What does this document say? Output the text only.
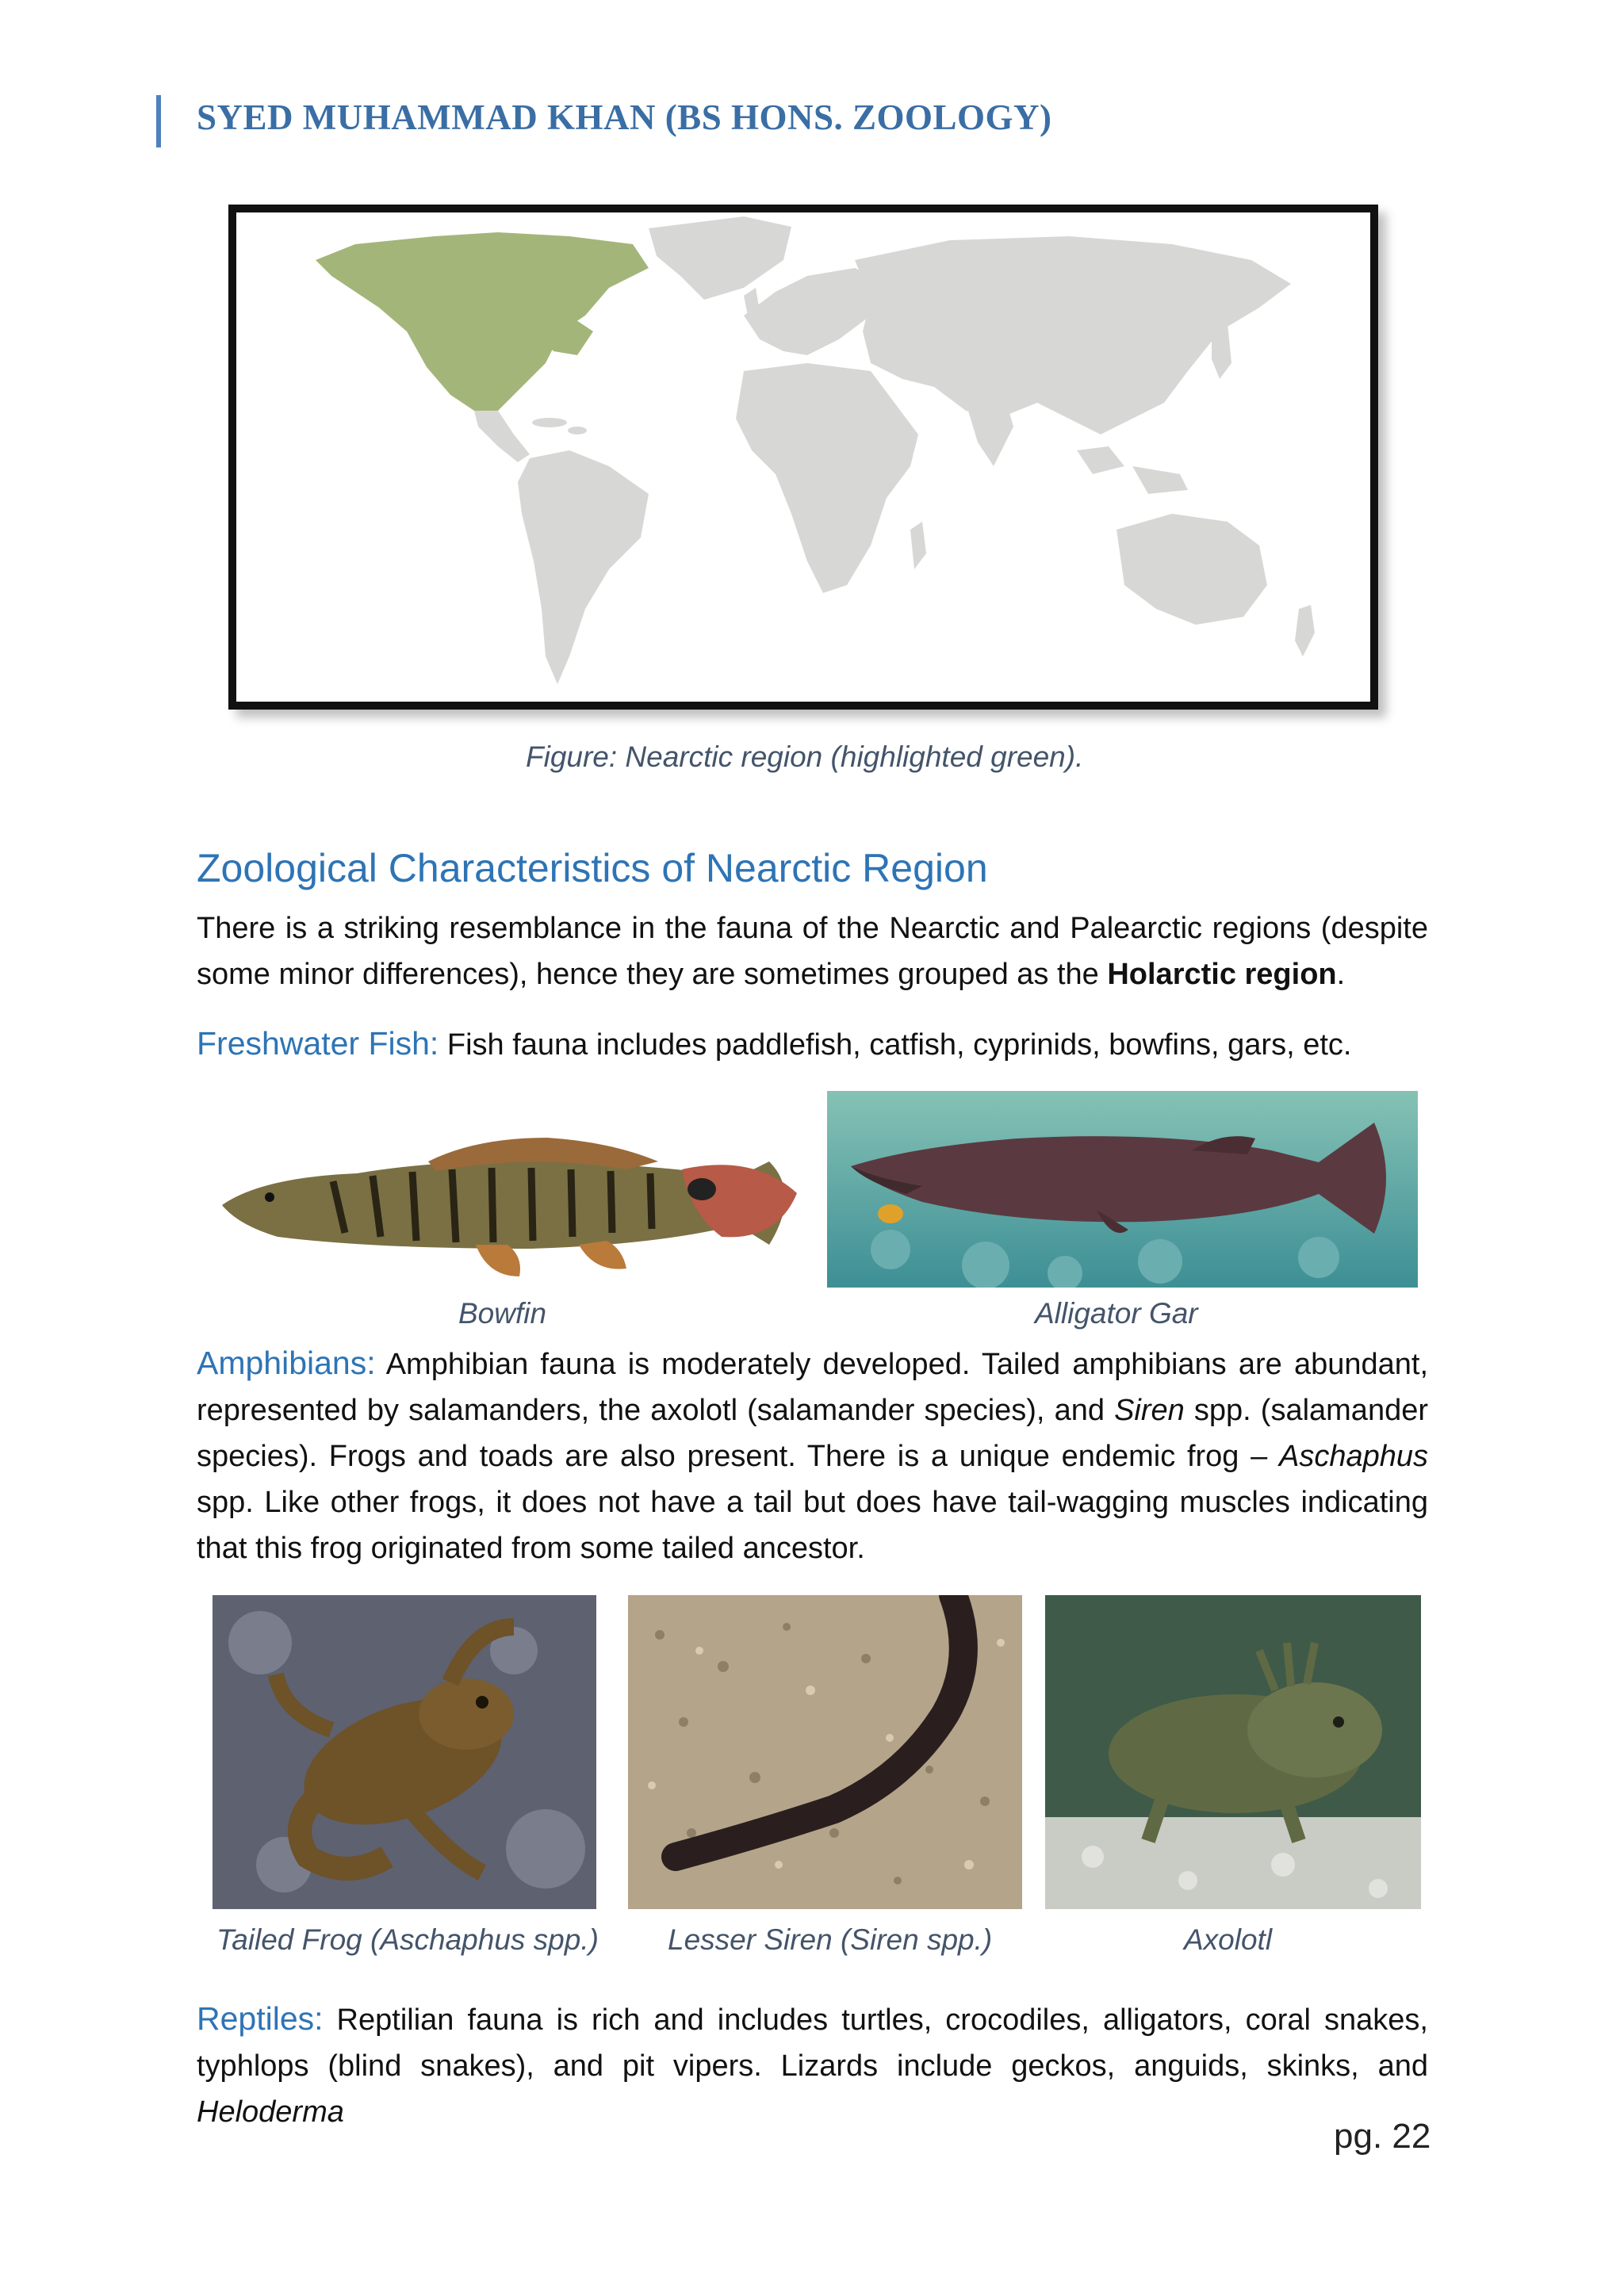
SYED MUHAMMAD KHAN (BS HONS. ZOOLOGY)
Figure: Nearctic region (highlighted green).
Zoological Characteristics of Nearctic Region
There is a striking resemblance in the fauna of the Nearctic and Palearctic regions (despite some minor differences), hence they are sometimes grouped as the Holarctic region.
Freshwater Fish: Fish fauna includes paddlefish, catfish, cyprinids, bowfins, gars, etc.
Bowfin	Alligator Gar
Amphibians: Amphibian fauna is moderately developed. Tailed amphibians are abundant, represented by salamanders, the axolotl (salamander species), and Siren spp. (salamander species). Frogs and toads are also present. There is a unique endemic frog – Aschaphus spp. Like other frogs, it does not have a tail but does have tail-wagging muscles indicating that this frog originated from some tailed ancestor.
Tailed Frog (Aschaphus spp.) Lesser Siren (Siren spp.)	Axolotl
Reptiles: Reptilian fauna is rich and includes turtles, crocodiles, alligators, coral snakes, typhlops (blind snakes), and pit vipers. Lizards include geckos, anguids, skinks, and Heloderma
pg. 22
